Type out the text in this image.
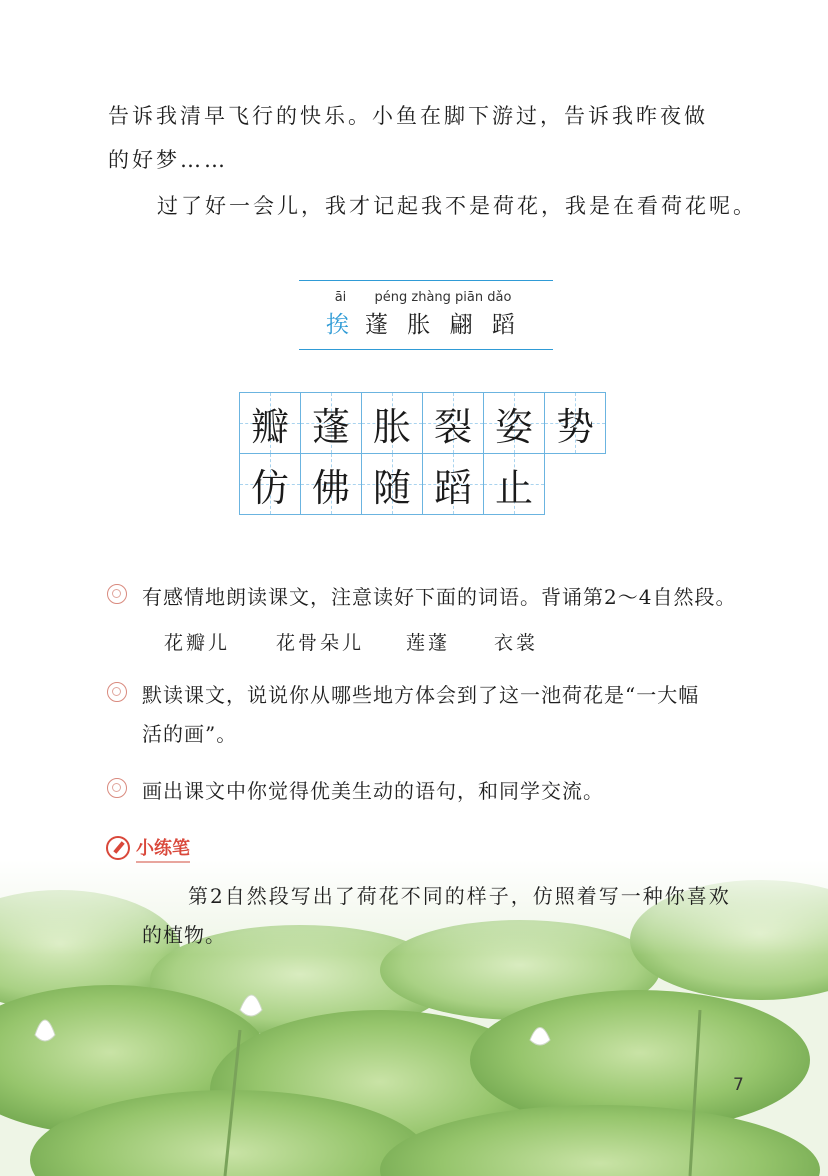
告诉我清早飞行的快乐。小鱼在脚下游过，告诉我昨夜做
的好梦……
过了好一会儿，我才记起我不是荷花，我是在看荷花呢。
āi
挨
péng zhàng piān dǎo
蓬 胀 翩 蹈
瓣 蓬 胀 裂 姿 势
仿 佛 随 蹈 止
有感情地朗读课文，注意读好下面的词语。背诵第2～4自然段。
花瓣儿 花骨朵儿 莲蓬 衣裳
默读课文，说说你从哪些地方体会到了这一池荷花是“一大幅
活的画”。
画出课文中你觉得优美生动的语句，和同学交流。
小练笔
第2自然段写出了荷花不同的样子，仿照着写一种你喜欢
的植物。
7
